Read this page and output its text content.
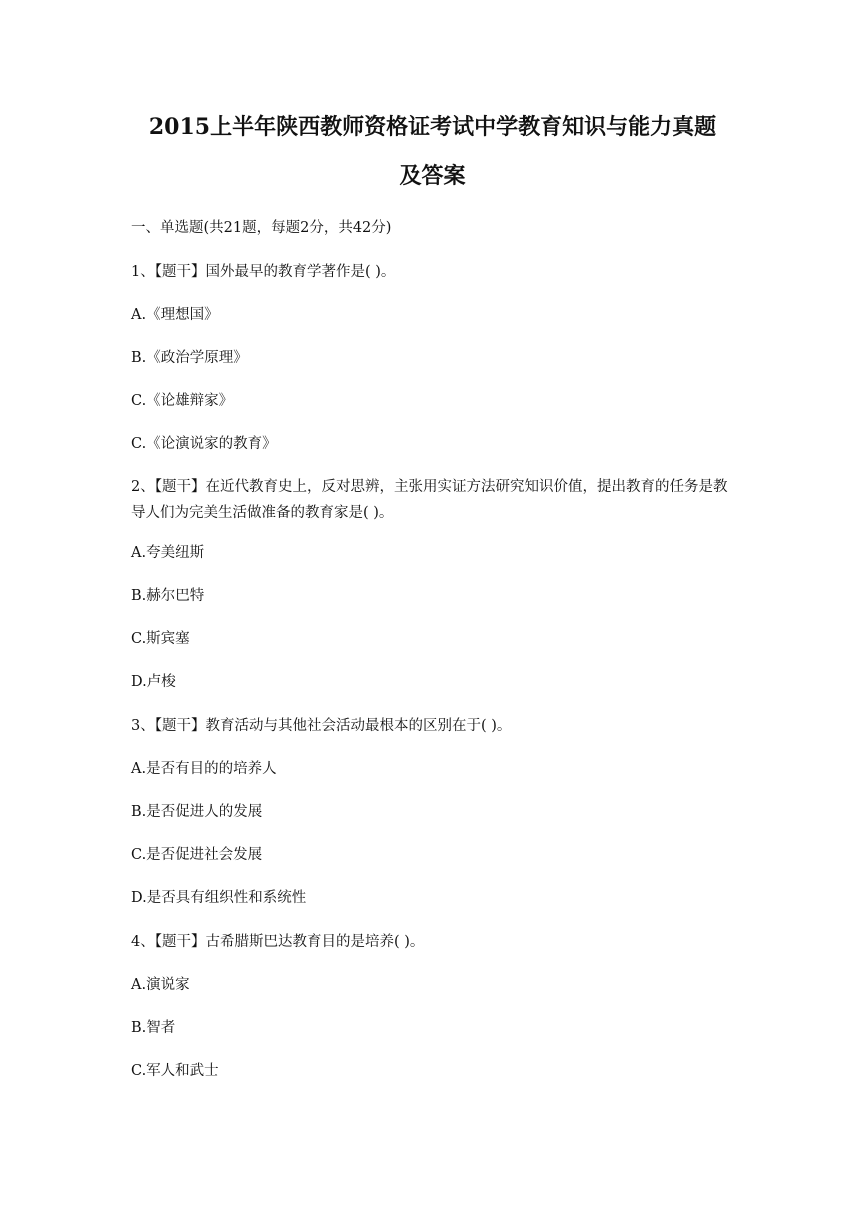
2015上半年陕西教师资格证考试中学教育知识与能力真题
及答案

一、单选题(共21题，每题2分，共42分)

1、【题干】国外最早的教育学著作是( )。

A.《理想国》

B.《政治学原理》

C.《论雄辩家》

C.《论演说家的教育》

2、【题干】在近代教育史上，反对思辨，主张用实证方法研究知识价值，提出教育的任务是教导人们为完美生活做准备的教育家是( )。

A.夸美纽斯

B.赫尔巴特

C.斯宾塞

D.卢梭

3、【题干】教育活动与其他社会活动最根本的区别在于( )。

A.是否有目的的培养人

B.是否促进人的发展

C.是否促进社会发展

D.是否具有组织性和系统性

4、【题干】古希腊斯巴达教育目的是培养( )。

A.演说家

B.智者

C.军人和武士
